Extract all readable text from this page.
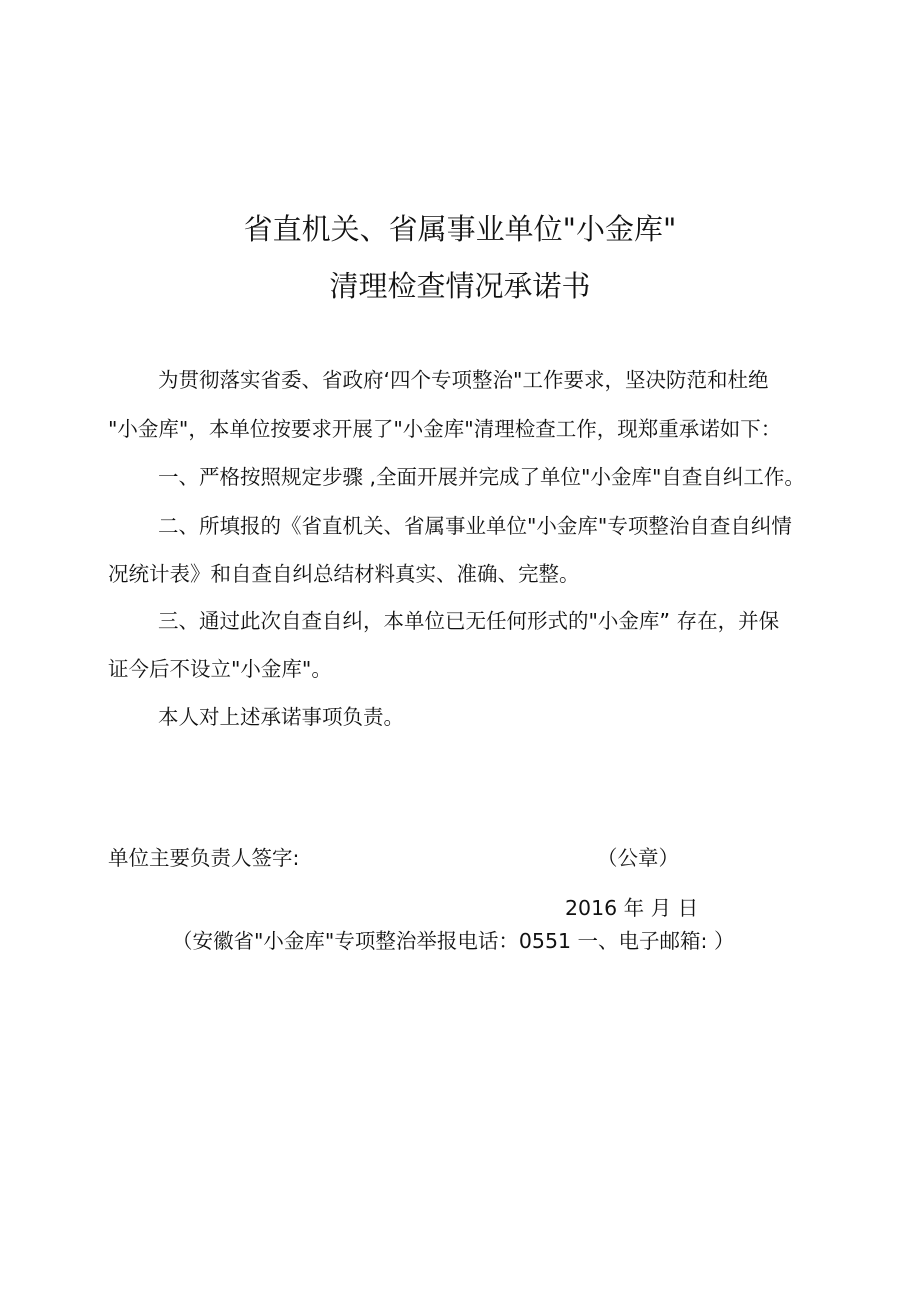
省直机关、省属事业单位"小金库"
清理检查情况承诺书
为贯彻落实省委、省政府‘四个专项整治"工作要求，坚决防范和杜绝
"小金库"，本单位按要求开展了"小金库"清理检查工作，现郑重承诺如下：
一、严格按照规定步骤 ,全面开展并完成了单位"小金库"自查自纠工作。
二、所填报的《省直机关、省属事业单位"小金库"专项整治自查自纠情
况统计表》和自查自纠总结材料真实、准确、完整。
三、通过此次自查自纠，本单位已无任何形式的"小金库” 存在，并保
证今后不设立"小金库"。
本人对上述承诺事项负责。
单位主要负责人签字:	（公章）
2016 年 月 日
（安徽省"小金库"专项整治举报电话：0551 一、电子邮箱: ）
